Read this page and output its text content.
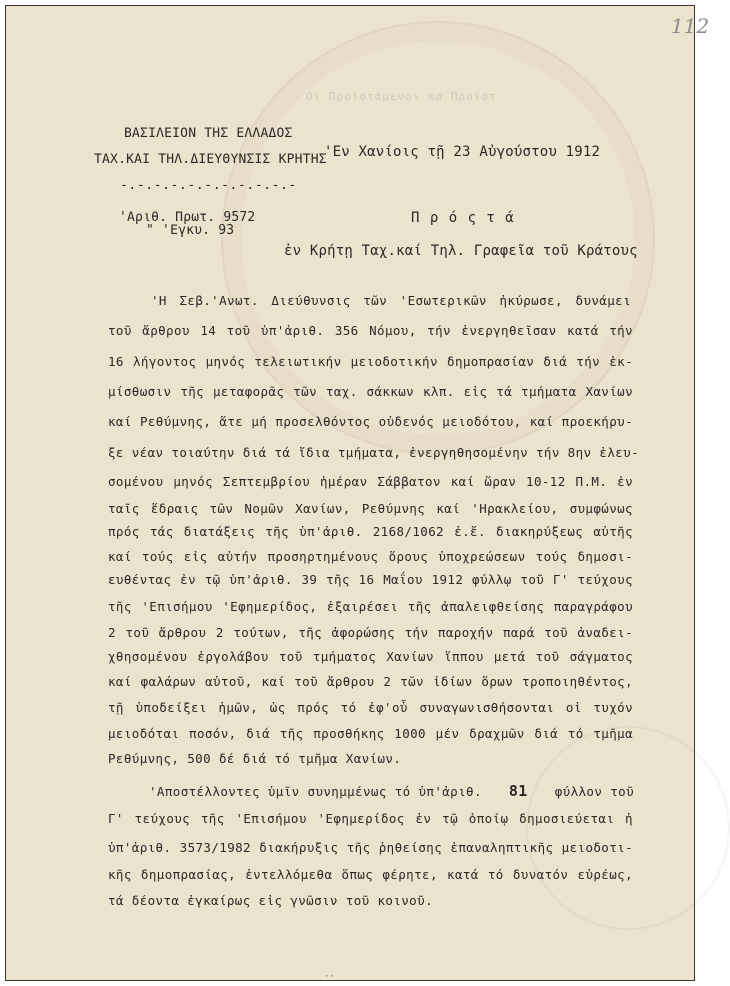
Οι Προϊστάμενοι κα Προϊστ
112
ΒΑΣΙΛΕΙΟΝ ΤΗΣ ΕΛΛΑΔΟΣ
ΤΑΧ.ΚΑΙ ΤΗΛ.ΔΙΕΥΘΥΝΣΙΣ ΚΡΗΤΗΣ
-.-.-.-.-.-.-.-.-.-.-
'Εν Χανίοις τῇ 23 Αὐγούστου 1912
'Αριθ. Πρωτ. 9572
" 'Εγκυ. 93
Π ρ ό ς τ ά
ἐν Κρήτῃ Ταχ.καί Τηλ. Γραφεῖα τοῦ Κράτους
'Η Σεβ.'Ανωτ. Διεύθυνσις τῶν 'Εσωτερικῶν ἠκύρωσε, δυνάμει
τοῦ ἄρθρου 14 τοῦ ὑπ'ἀριθ. 356 Νόμου, τήν ἐνεργηθεῖσαν κατά τήν
16 λήγοντος μηνός τελειωτικήν μειοδοτικήν δημοπρασίαν διά τήν ἐκ-
μίσθωσιν τῆς μεταφορᾶς τῶν ταχ. σάκκων κλπ. εἰς τά τμήματα Χανίων
καί Ρεθύμνης, ἅτε μή προσελθόντος οὐδενός μειοδότου, καί προεκήρυ-
ξε νέαν τοιαύτην διά τά ἴδια τμήματα, ἐνεργηθησομένην τήν 8ην ἐλευ-
σομένου μηνός Σεπτεμβρίου ἡμέραν Σάββατον καί ὥραν 10-12 Π.Μ. ἐν
ταῖς ἕδραις τῶν Νομῶν Χανίων, Ρεθύμνης καί 'Ηρακλείου, συμφώνως
πρός τάς διατάξεις τῆς ὑπ'ἀριθ. 2168/1062 ἐ.ἔ. διακηρύξεως αὐτῆς
καί τούς εἰς αὐτήν προσηρτημένους ὅρους ὑποχρεώσεων τούς δημοσι-
ευθέντας ἐν τῷ ὑπ'ἀριθ. 39 τῆς 16 Μαΐου 1912 φύλλῳ τοῦ Γ' τεύχους
τῆς 'Επισήμου 'Εφημερίδος, ἐξαιρέσει τῆς ἀπαλειφθείσης παραγράφου
2 τοῦ ἄρθρου 2 τούτων, τῆς ἀφορώσης τήν παροχήν παρά τοῦ ἀναδει-
χθησομένου ἐργολάβου τοῦ τμήματος Χανίων ἵππου μετά τοῦ σάγματος
καί φαλάρων αὐτοῦ, καί τοῦ ἄρθρου 2 τῶν ἰδίων ὅρων τροποιηθέντος,
τῇ ὑποδείξει ἡμῶν, ὡς πρός τό ἐφ'οὗ συναγωνισθήσονται οἱ τυχόν
μειοδόται ποσόν, διά τῆς προσθήκης 1000 μέν δραχμῶν διά τό τμῆμα
Ρεθύμνης, 500 δέ διά τό τμῆμα Χανίων.
'Αποστέλλοντες ὑμῖν συνημμένως τό ὑπ'ἀριθ. 81 φύλλον τοῦ
Γ' τεύχους τῆς 'Επισήμου 'Εφημερίδος ἐν τῷ ὁποίῳ δημοσιεύεται ἡ
ὑπ'ἀριθ. 3573/1982 διακήρυξις τῆς ῥηθείσης ἐπαναληπτικῆς μειοδοτι-
κῆς δημοπρασίας, ἐντελλόμεθα ὅπως φέρητε, κατά τό δυνατόν εὐρέως,
τά δέοντα ἐγκαίρως εἰς γνῶσιν τοῦ κοινοῦ.
··
